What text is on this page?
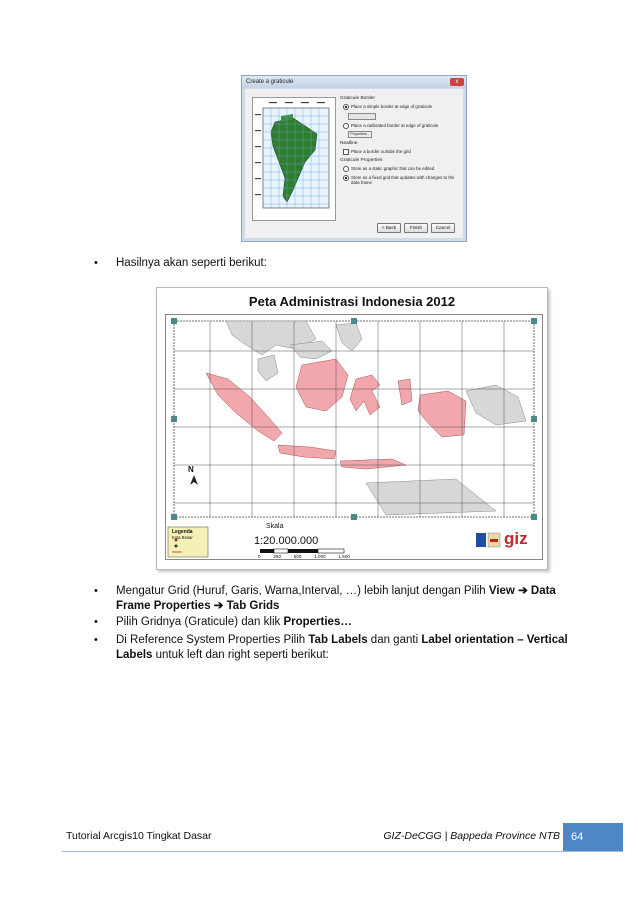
Create a graticule	x
Graticule Border
Place a simple border at edge of graticule
Place a calibrated border at edge of graticule
Properties...
Neatline
Place a border outside the grid
Graticule Properties
Store as a static graphic that can be edited
Store as a fixed grid that updates with changes to the data frame
< Back	Finish	Cancel
• Hasilnya akan seperti berikut:
Peta Administrasi Indonesia 2012
N
Legenda
Kota Besar
Skala
1:20.000.000
0	250	500	1.000	1.500
giz
• Mengatur Grid (Huruf, Garis, Warna,Interval, …) lebih lanjut dengan Pilih View ➔ Data Frame Properties ➔ Tab Grids
• Pilih Gridnya (Graticule) dan klik Properties…
• Di Reference System Properties Pilih Tab Labels dan ganti Label orientation – Vertical Labels untuk left dan right seperti berikut:
Tutorial Arcgis10 Tingkat Dasar	GIZ-DeCGG | Bappeda Province NTB	64
